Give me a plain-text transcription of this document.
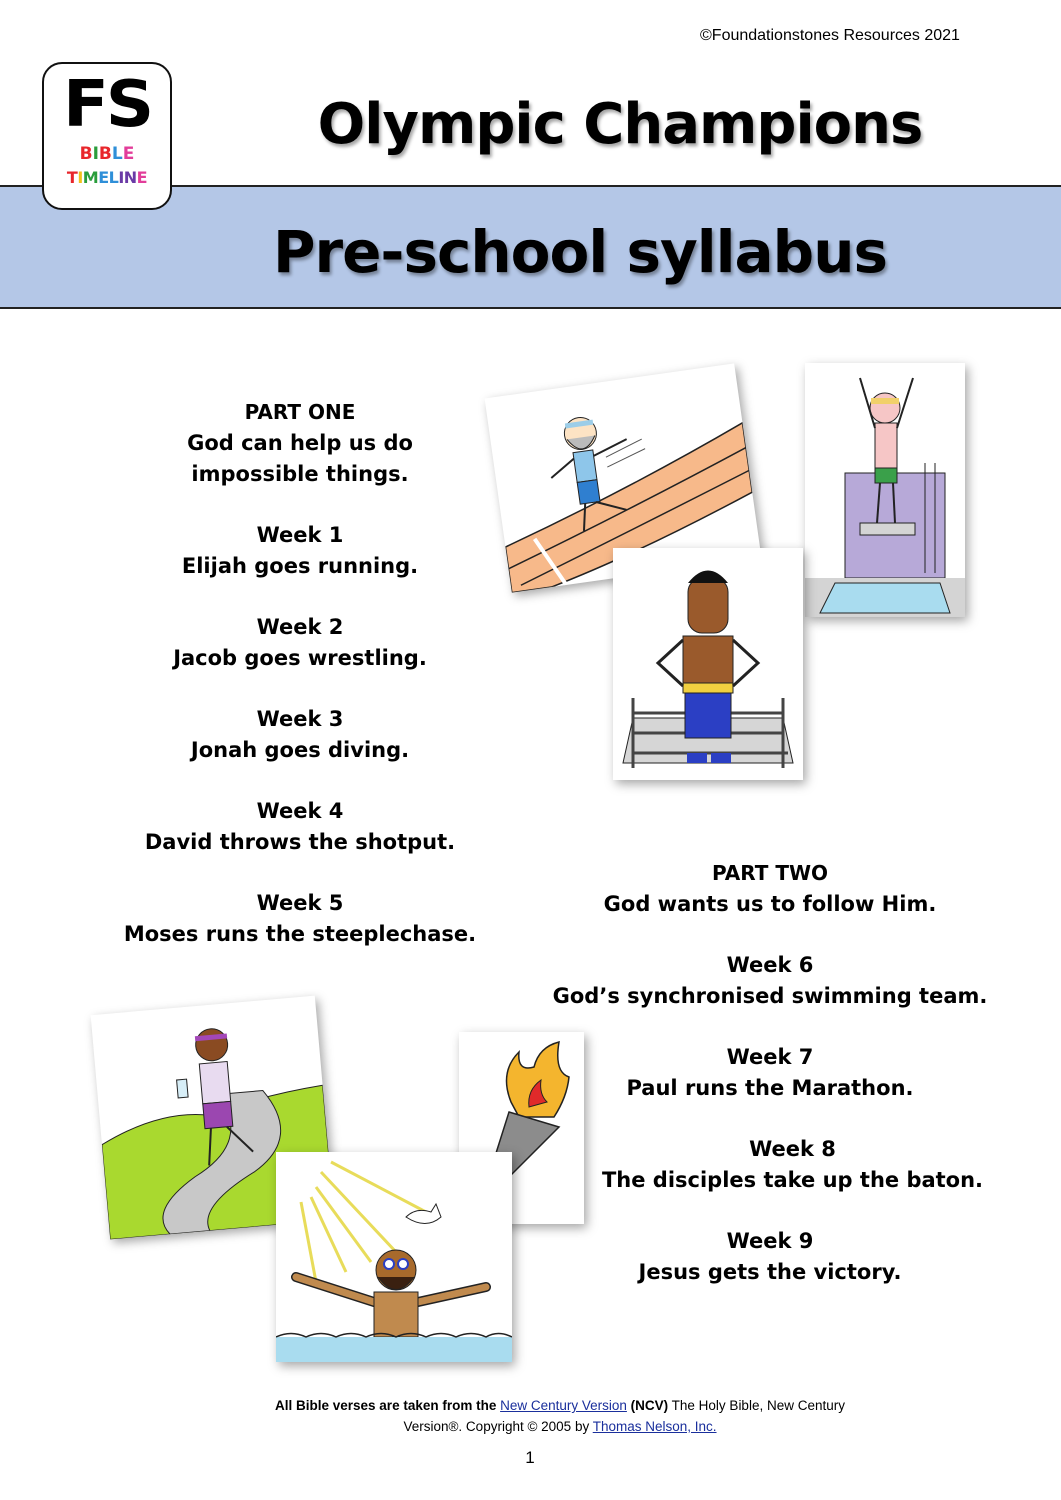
©Foundationstones Resources 2021
FS
BIBLE
TIMELINE
Olympic Champions
Pre-school syllabus
PART ONE
God can help us do
impossible things.
Week 1
Elijah goes running.
Week 2
Jacob goes wrestling.
Week 3
Jonah goes diving.
Week 4
David throws the shotput.
Week 5
Moses runs the steeplechase.
PART TWO
God wants us to follow Him.
Week 6
God’s synchronised swimming team.
Week 7
Paul runs the Marathon.
Week 8
The disciples take up the baton.
Week 9
Jesus gets the victory.
All Bible verses are taken from the New Century Version (NCV) The Holy Bible, New Century Version®. Copyright © 2005 by Thomas Nelson, Inc.
1
